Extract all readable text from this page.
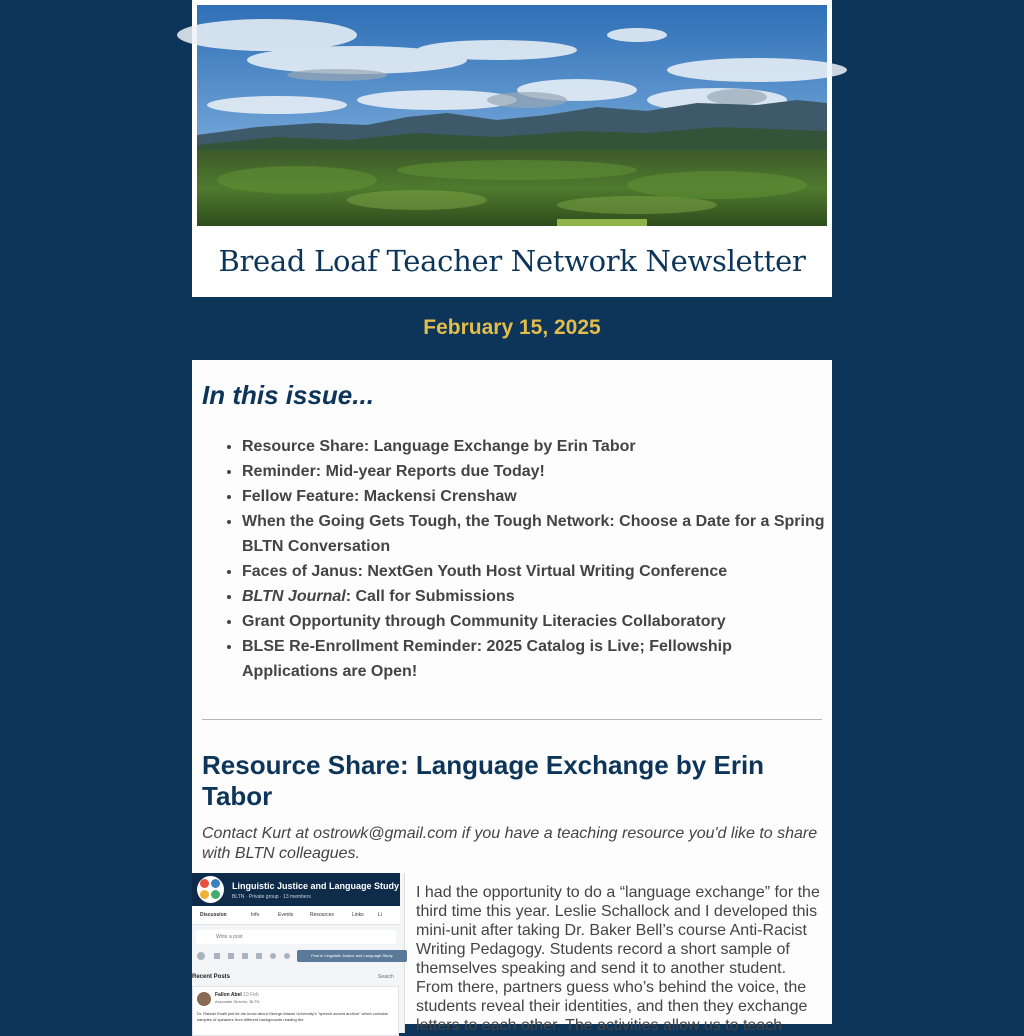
Bread Loaf Teacher Network Newsletter
February 15, 2025
In this issue...
• Resource Share: Language Exchange by Erin Tabor
• Reminder: Mid-year Reports due Today!
• Fellow Feature: Mackensi Crenshaw
• When the Going Gets Tough, the Tough Network: Choose a Date for a Spring BLTN Conversation
• Faces of Janus: NextGen Youth Host Virtual Writing Conference
• BLTN Journal: Call for Submissions
• Grant Opportunity through Community Literacies Collaboratory
• BLSE Re-Enrollment Reminder: 2025 Catalog is Live; Fellowship Applications are Open!
Resource Share: Language Exchange by Erin Tabor
Contact Kurt at ostrowk@gmail.com if you have a teaching resource you'd like to share with BLTN colleagues.
Linguistic Justice and Language Study
BLTN · Private group · 13 members
Discussion	Info	Events	Resources	Links	Li
Write a post
Post in Linguistic Justice and Language Study
Recent Posts	Search
Fallon Abel 10 Feb
Associate Director, BLTN
Dr. Rabiah Khalil just let me know about George Mason University's "speech accent archive" which contains samples of speakers from different backgrounds reading the
I had the opportunity to do a “language exchange” for the third time this year. Leslie Schallock and I developed this mini-unit after taking Dr. Baker Bell’s course Anti-Racist Writing Pedagogy. Students record a short sample of themselves speaking and send it to another student. From there, partners guess who’s behind the voice, the students reveal their identities, and then they exchange letters to each other. The activities allow us to teach
